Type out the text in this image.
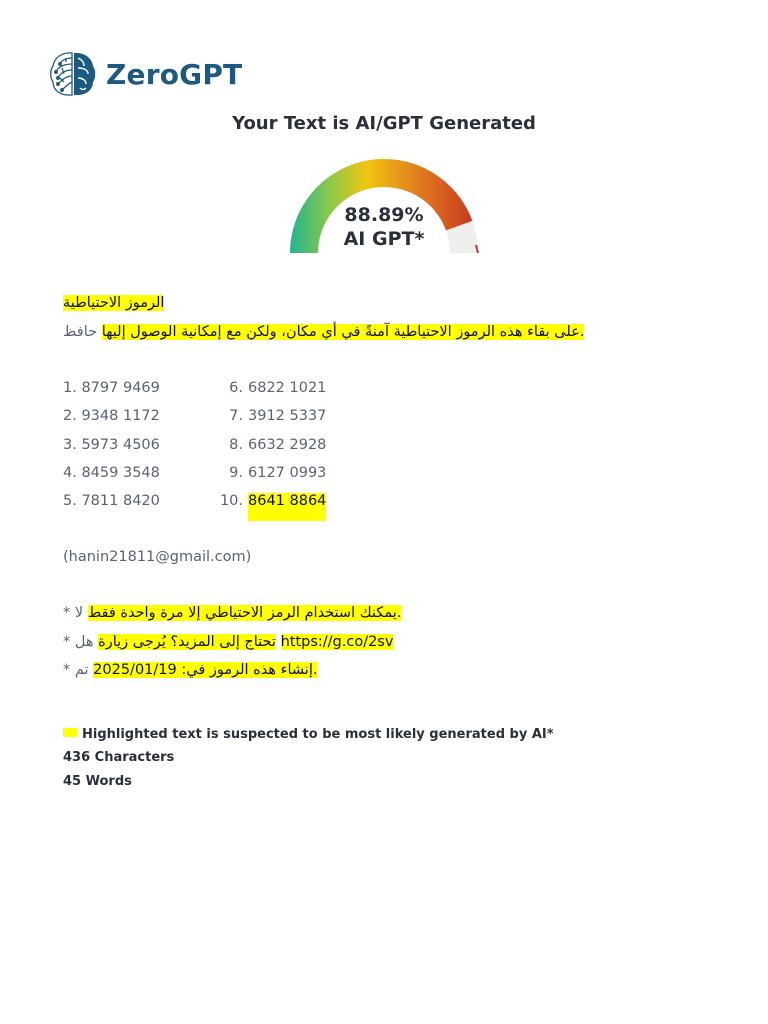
ZeroGPT
Your Text is AI/GPT Generated
88.89%
AI GPT*
الرموز الاحتياطية
على بقاء هذه الرموز الاحتياطية آمنةً في أي مكان، ولكن مع إمكانية الوصول إليها حافظ	.
1. 8797 9469	6. 6822 1021
2. 9348 1172	7. 3912 5337
3. 5973 4506	8. 6632 2928
4. 8459 3548	9. 6127 0993
5. 7811 8420	10. 8641 8864
(hanin21811@gmail.com)
* يمكنك استخدام الرمز الاحتياطي إلا مرة واحدة فقط لا	.
* تحتاج إلى المزيد؟ يُرجى زيارة هل	https://g.co/2sv
* إنشاء هذه الرموز في: 2025/01/19 تم	.
Highlighted text is suspected to be most likely generated by AI*
436 Characters
45 Words
